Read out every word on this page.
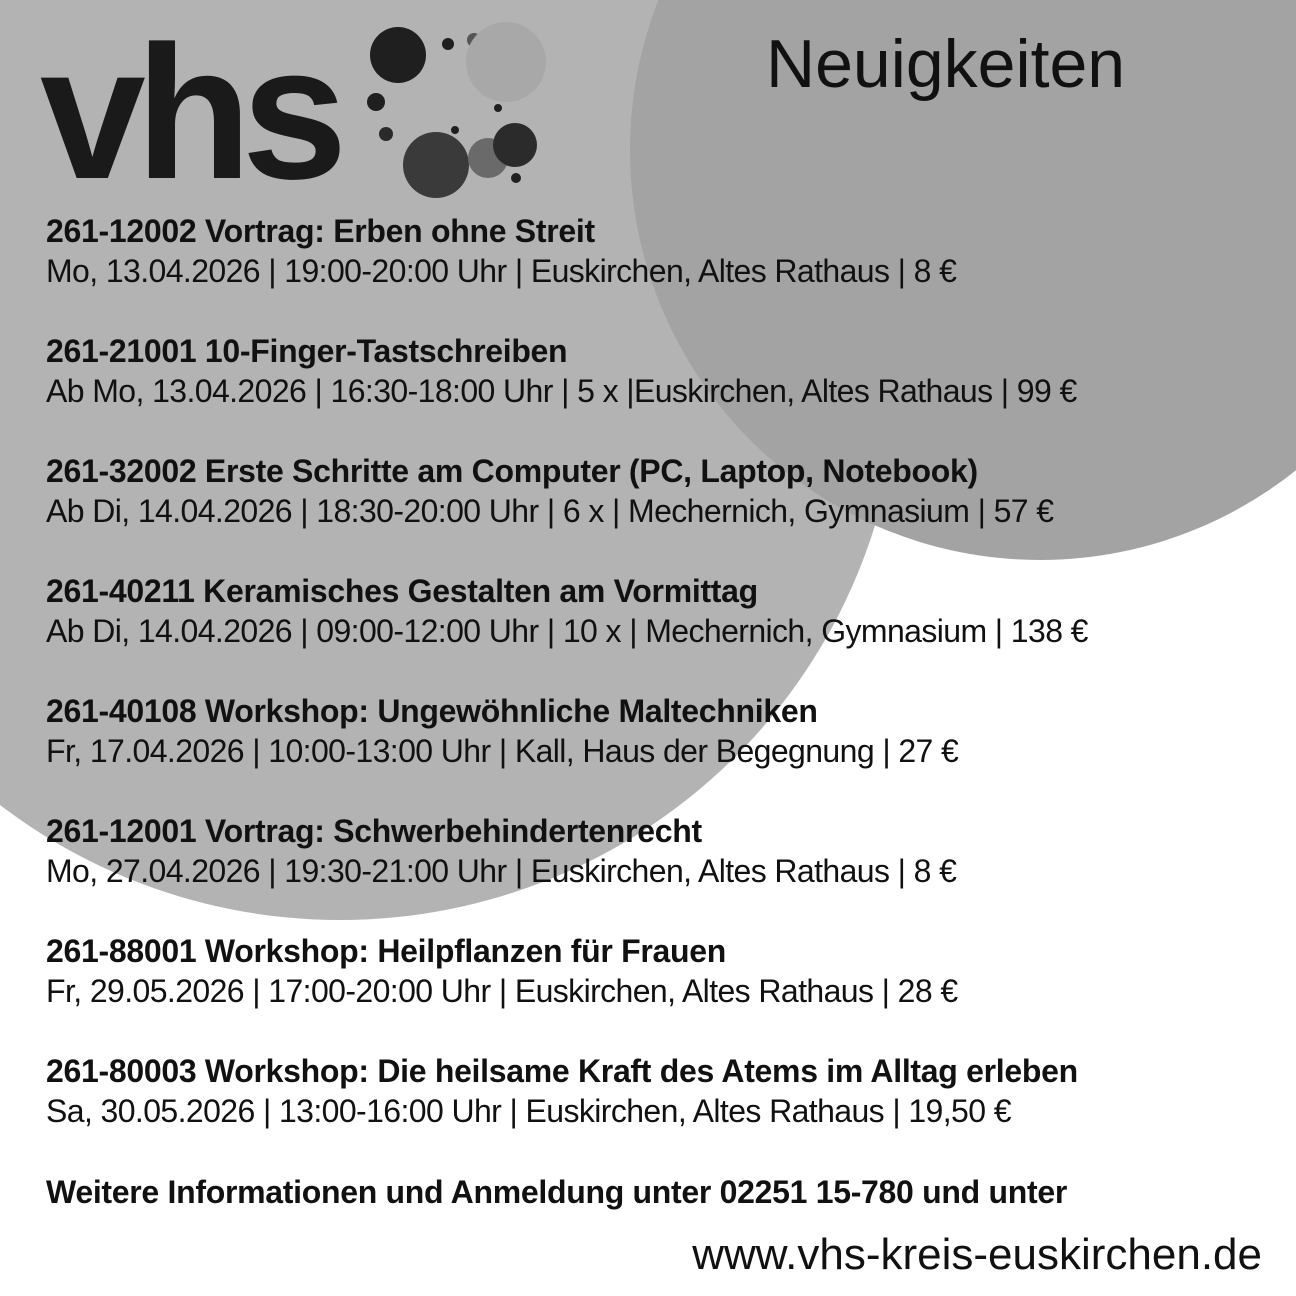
vhs	Neuigkeiten
261-12002 Vortrag: Erben ohne Streit
Mo, 13.04.2026 | 19:00-20:00 Uhr | Euskirchen, Altes Rathaus | 8 €
261-21001 10-Finger-Tastschreiben
Ab Mo, 13.04.2026 | 16:30-18:00 Uhr | 5 x |Euskirchen, Altes Rathaus | 99 €
261-32002 Erste Schritte am Computer (PC, Laptop, Notebook)
Ab Di, 14.04.2026 | 18:30-20:00 Uhr | 6 x | Mechernich, Gymnasium | 57 €
261-40211 Keramisches Gestalten am Vormittag
Ab Di, 14.04.2026 | 09:00-12:00 Uhr | 10 x | Mechernich, Gymnasium | 138 €
261-40108 Workshop: Ungewöhnliche Maltechniken
Fr, 17.04.2026 | 10:00-13:00 Uhr | Kall, Haus der Begegnung | 27 €
261-12001 Vortrag: Schwerbehindertenrecht
Mo, 27.04.2026 | 19:30-21:00 Uhr | Euskirchen, Altes Rathaus | 8 €
261-88001 Workshop: Heilpflanzen für Frauen
Fr, 29.05.2026 | 17:00-20:00 Uhr | Euskirchen, Altes Rathaus | 28 €
261-80003 Workshop: Die heilsame Kraft des Atems im Alltag erleben
Sa, 30.05.2026 | 13:00-16:00 Uhr | Euskirchen, Altes Rathaus | 19,50 €
Weitere Informationen und Anmeldung unter 02251 15-780 und unter
www.vhs-kreis-euskirchen.de
